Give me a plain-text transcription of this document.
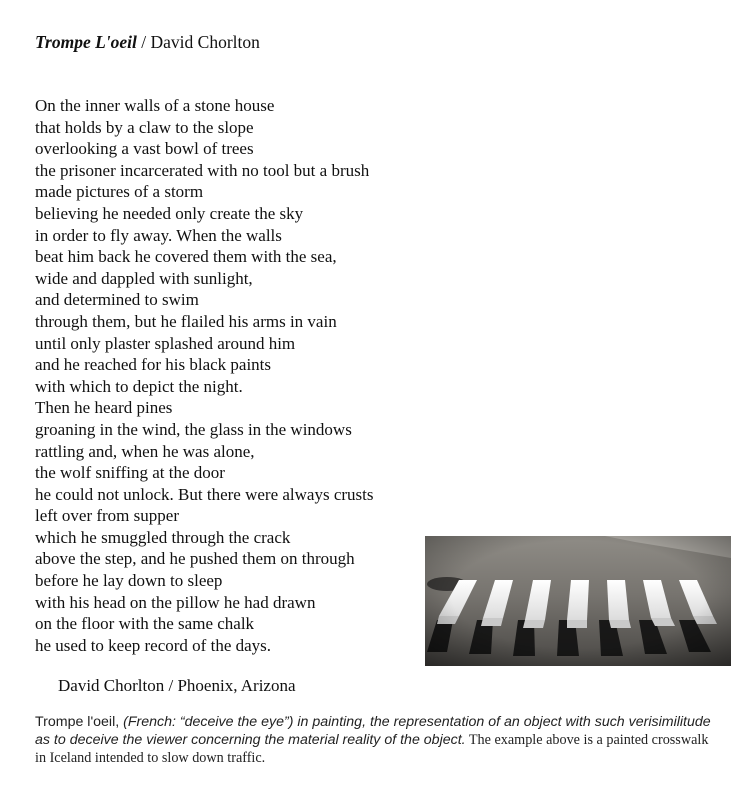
Trompe L'oeil / David Chorlton
On the inner walls of a stone house
that holds by a claw to the slope
overlooking a vast bowl of trees
the prisoner incarcerated with no tool but a brush
made pictures of a storm
believing he needed only create the sky
in order to fly away. When the walls
beat him back he covered them with the sea,
wide and dappled with sunlight,
and determined to swim
through them, but he flailed his arms in vain
until only plaster splashed around him
and he reached for his black paints
with which to depict the night.
Then he heard pines
groaning in the wind, the glass in the windows
rattling and, when he was alone,
the wolf sniffing at the door
he could not unlock. But there were always crusts
left over from supper
which he smuggled through the crack
above the step, and he pushed them on through
before he lay down to sleep
with his head on the pillow he had drawn
on the floor with the same chalk
he used to keep record of the days.
David Chorlton / Phoenix, Arizona
Trompe l'oeil, (French: “deceive the eye”) in painting, the representation of an object with such verisimilitude as to deceive the viewer concerning the material reality of the object. The example above is a painted crosswalk in Iceland intended to slow down traffic.
